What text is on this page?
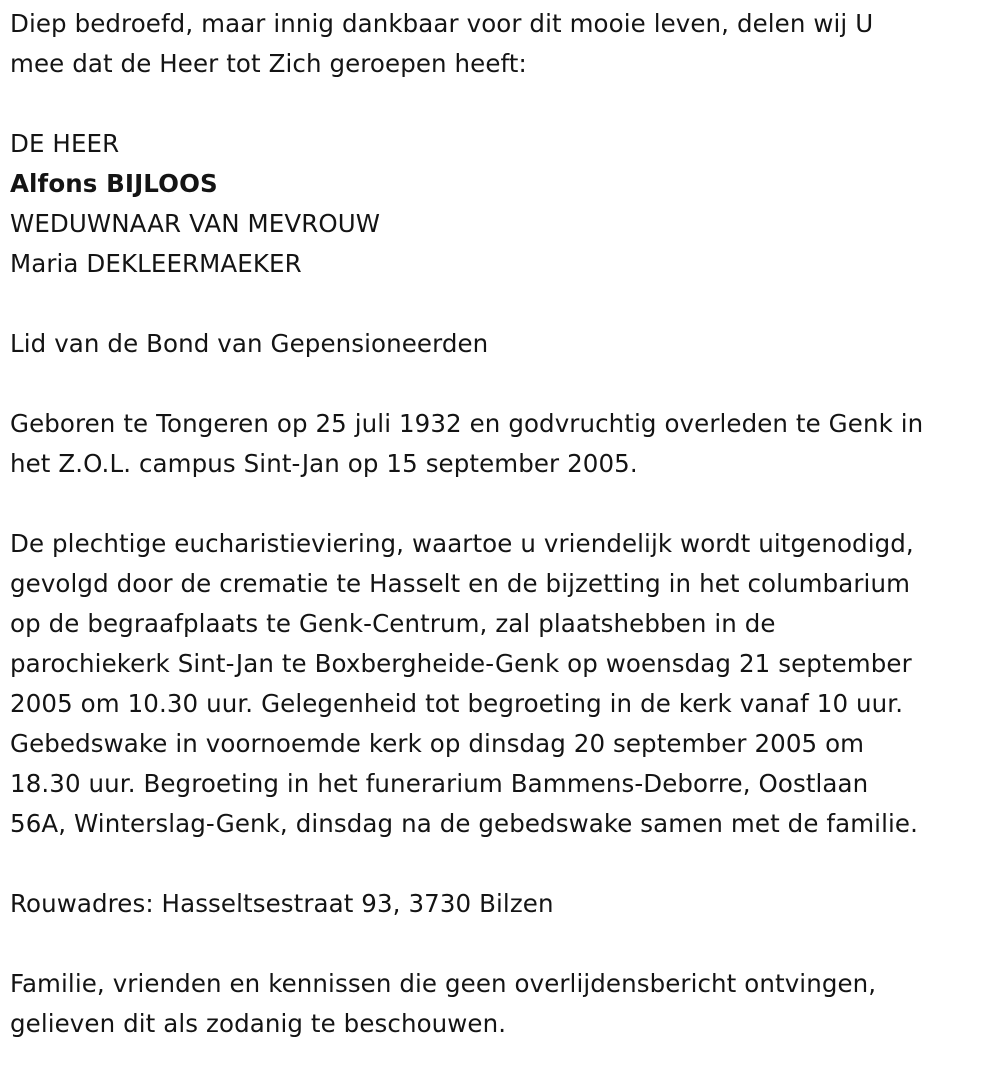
Diep bedroefd, maar innig dankbaar voor dit mooie leven, delen wij U
mee dat de Heer tot Zich geroepen heeft:
DE HEER
Alfons BIJLOOS
WEDUWNAAR VAN MEVROUW
Maria DEKLEERMAEKER
Lid van de Bond van Gepensioneerden
Geboren te Tongeren op 25 juli 1932 en godvruchtig overleden te Genk in
het Z.O.L. campus Sint-Jan op 15 september 2005.
De plechtige eucharistieviering, waartoe u vriendelijk wordt uitgenodigd,
gevolgd door de crematie te Hasselt en de bijzetting in het columbarium
op de begraafplaats te Genk-Centrum, zal plaatshebben in de
parochiekerk Sint-Jan te Boxbergheide-Genk op woensdag 21 september
2005 om 10.30 uur. Gelegenheid tot begroeting in de kerk vanaf 10 uur.
Gebedswake in voornoemde kerk op dinsdag 20 september 2005 om
18.30 uur. Begroeting in het funerarium Bammens-Deborre, Oostlaan
56A, Winterslag-Genk, dinsdag na de gebedswake samen met de familie.
Rouwadres: Hasseltsestraat 93, 3730 Bilzen
Familie, vrienden en kennissen die geen overlijdensbericht ontvingen,
gelieven dit als zodanig te beschouwen.
